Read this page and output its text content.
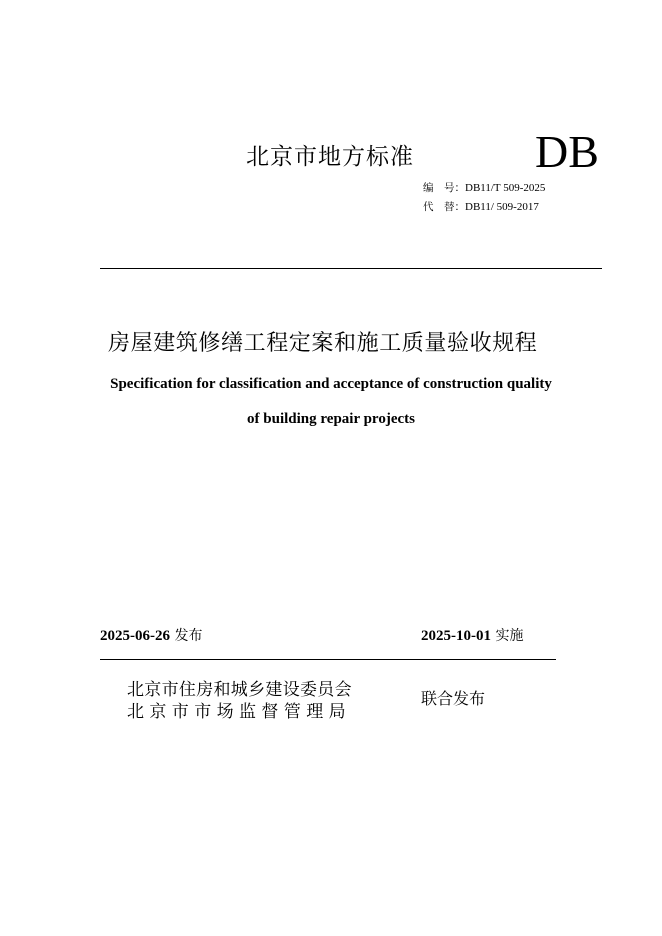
北京市地方标准	DB
编　号：DB11/T 509-2025
代　替：DB11/ 509-2017
房屋建筑修缮工程定案和施工质量验收规程
Specification for classification and acceptance of construction quality
of building repair projects
2025-06-26 发布	2025-10-01 实施
北京市住房和城乡建设委员会
北 京 市 市 场 监 督 管 理 局
联合发布
